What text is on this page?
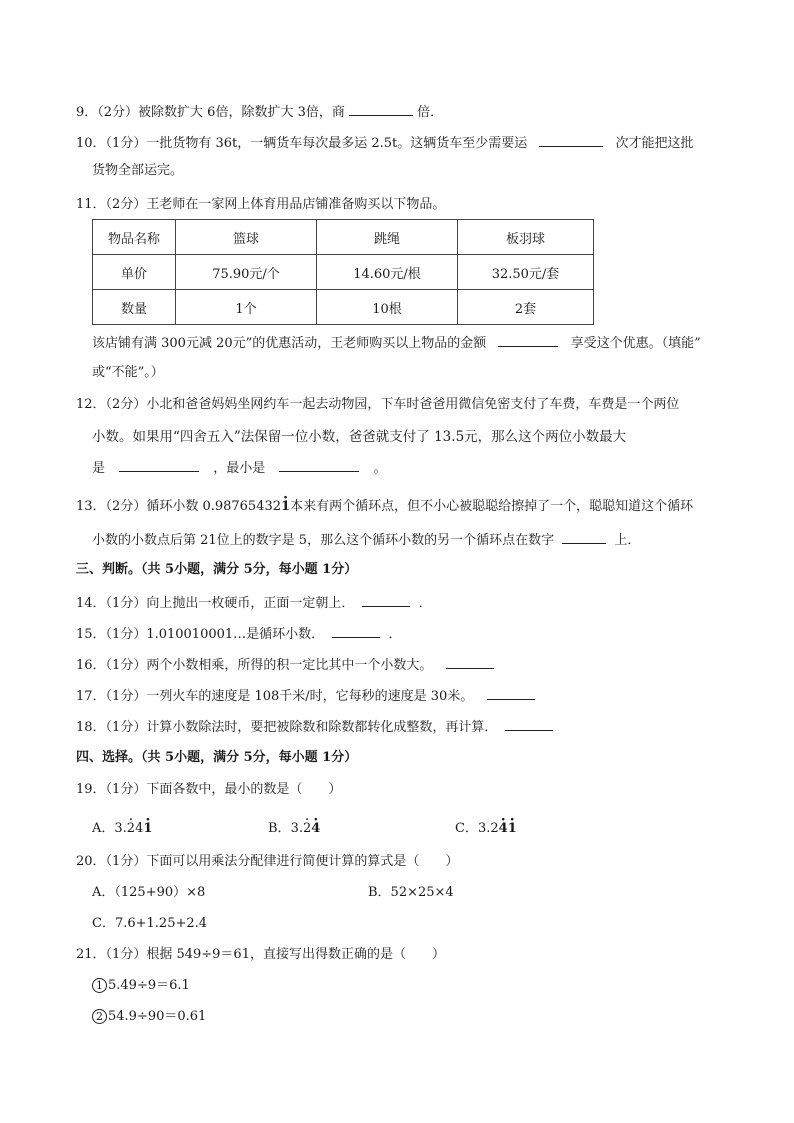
9．（2分）被除数扩大 6倍，除数扩大 3倍，商	倍．
10．（1分）一批货物有 36t，一辆货车每次最多运 2.5t。这辆货车至少需要运	次才能把这批
货物全部运完。
11．（2分）王老师在一家网上体育用品店铺准备购买以下物品。
物品名称	篮球	跳绳	板羽球
单价	75.90元/个	14.60元/根	32.50元/套
数量	1个	10根	2套
该店铺有满 300元减 20元”的优惠活动，王老师购买以上物品的金额	享受这个优惠。（填能”
或“不能”。）
12．（2分）小北和爸爸妈妈坐网约车一起去动物园，下车时爸爸用微信免密支付了车费，车费是一个两位
小数。如果用“四舍五入”法保留一位小数，爸爸就支付了 13.5元，那么这个两位小数最大
是	，最小是	。
13．（2分）循环小数 0.98765432· 1本来有两个循环点，但不小心被聪聪给擦掉了一个，聪聪知道这个循环
小数的小数点后第 21位上的数字是 5，那么这个循环小数的另一个循环点在数字	上．
三、判断。（共 5小题，满分 5分，每小题 1分）
14．（1分）向上抛出一枚硬币，正面一定朝上．	．
15．（1分）1.010010001…是循环小数．	．
16．（1分）两个小数相乘，所得的积一定比其中一个小数大。
17．（1分）一列火车的速度是 108千米/时，它每秒的速度是 30米。
18．（1分）计算小数除法时，要把被除数和除数都转化成整数，再计算．
四、选择。（共 5小题，满分 5分，每小题 1分）
19．（1分）下面各数中，最小的数是（　　）
A．3.· 24· 1	B．3.· 2· 4	C．3.2· 4· 1
20．（1分）下面可以用乘法分配律进行简便计算的算式是（　　）
A．（125+90）×8	B．52×25×4
C．7.6+1.25+2.4
21．（1分）根据 549÷9＝61，直接写出得数正确的是（　　）
1 5.49÷9＝6.1
2 54.9÷90＝0.61
